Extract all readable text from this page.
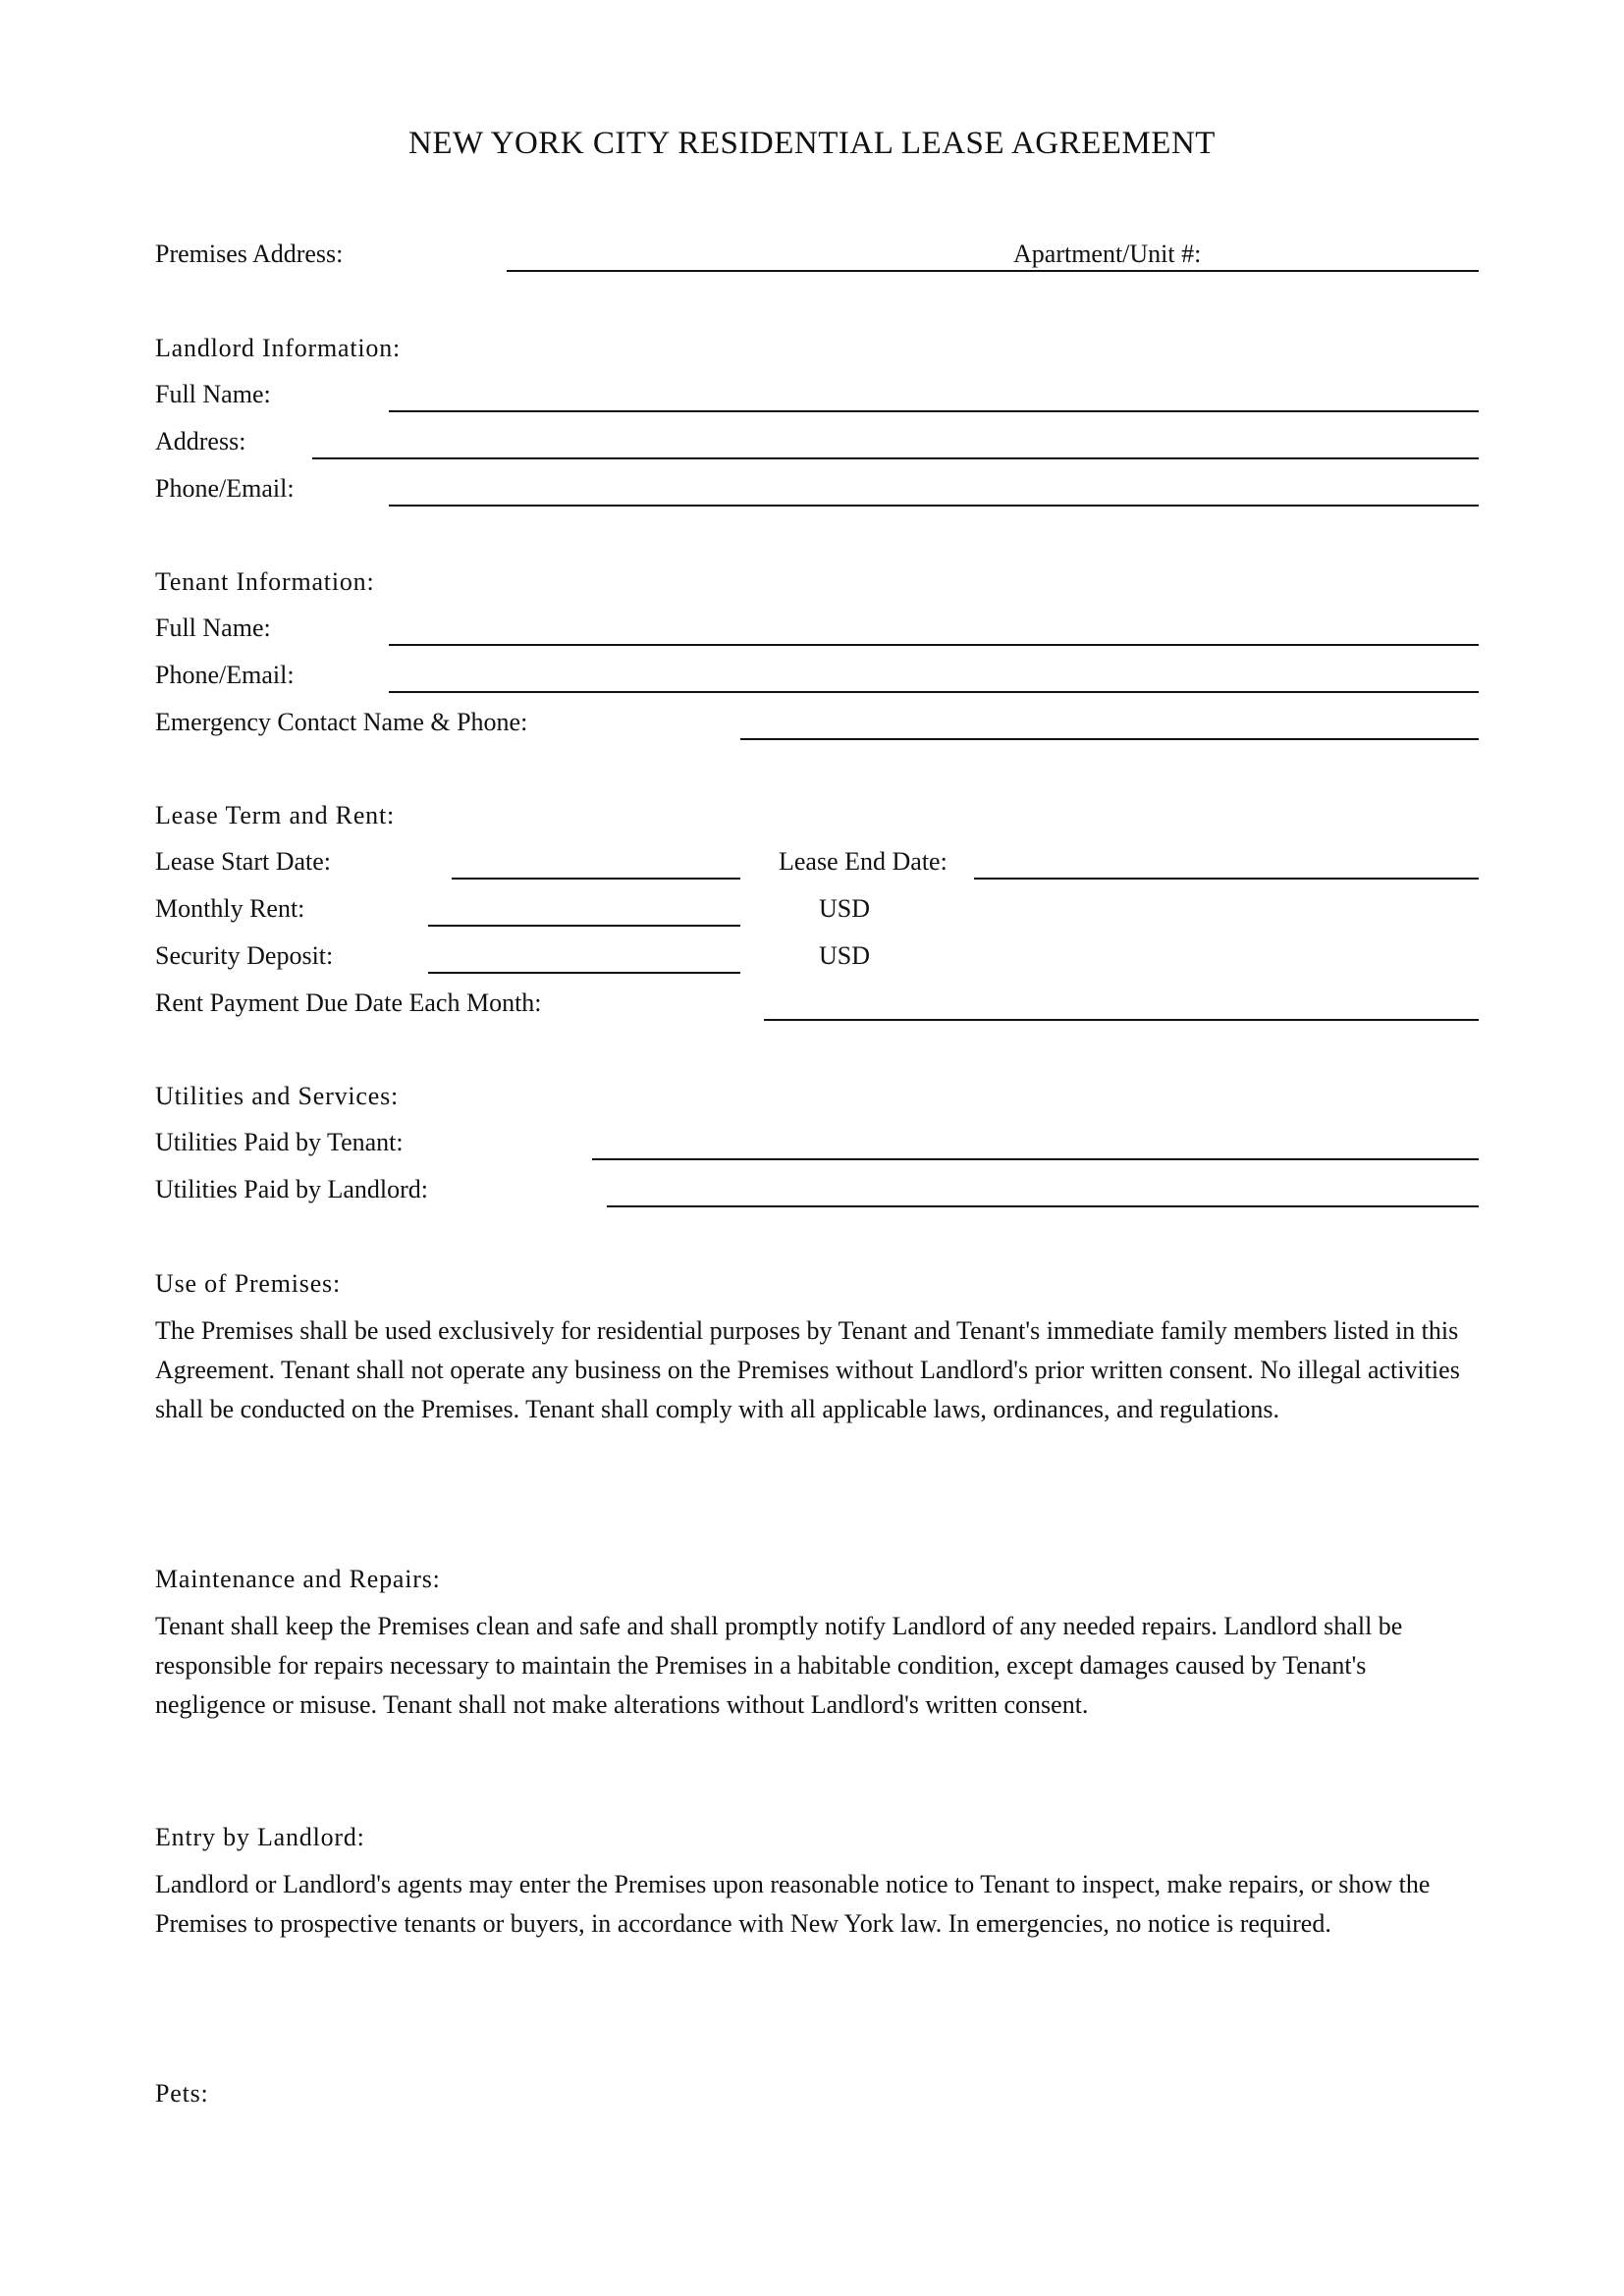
NEW YORK CITY RESIDENTIAL LEASE AGREEMENT
Premises Address:	Apartment/Unit #:
Landlord Information:
Full Name:
Address:
Phone/Email:
Tenant Information:
Full Name:
Phone/Email:
Emergency Contact Name & Phone:
Lease Term and Rent:
Lease Start Date:	Lease End Date:
Monthly Rent:	USD
Security Deposit:	USD
Rent Payment Due Date Each Month:
Utilities and Services:
Utilities Paid by Tenant:
Utilities Paid by Landlord:
Use of Premises:
The Premises shall be used exclusively for residential purposes by Tenant and Tenant's immediate family members listed in this Agreement. Tenant shall not operate any business on the Premises without Landlord's prior written consent. No illegal activities shall be conducted on the Premises. Tenant shall comply with all applicable laws, ordinances, and regulations.
Maintenance and Repairs:
Tenant shall keep the Premises clean and safe and shall promptly notify Landlord of any needed repairs. Landlord shall be responsible for repairs necessary to maintain the Premises in a habitable condition, except damages caused by Tenant's negligence or misuse. Tenant shall not make alterations without Landlord's written consent.
Entry by Landlord:
Landlord or Landlord's agents may enter the Premises upon reasonable notice to Tenant to inspect, make repairs, or show the Premises to prospective tenants or buyers, in accordance with New York law. In emergencies, no notice is required.
Pets:
